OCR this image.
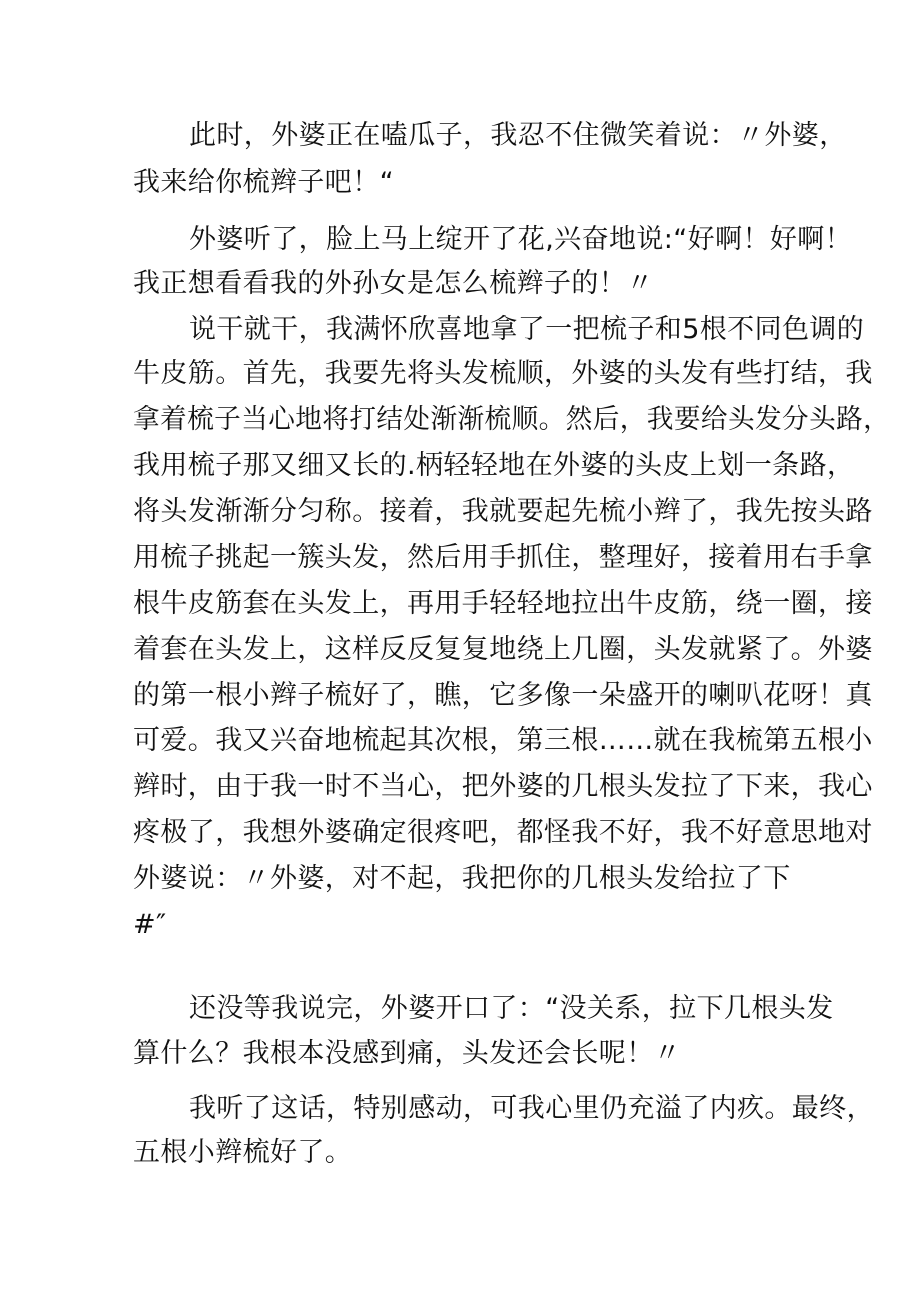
此时，外婆正在嗑瓜子，我忍不住微笑着说：〃外婆，

我来给你梳辫子吧！“

外婆听了，脸上马上绽开了花,兴奋地说:“好啊！好啊！

我正想看看我的外孙女是怎么梳辫子的！〃

说干就干，我满怀欣喜地拿了一把梳子和5根不同色调的

牛皮筋。首先，我要先将头发梳顺，外婆的头发有些打结，我

拿着梳子当心地将打结处渐渐梳顺。然后，我要给头发分头路，

我用梳子那又细又长的.柄轻轻地在外婆的头皮上划一条路，

将头发渐渐分匀称。接着，我就要起先梳小辫了，我先按头路

用梳子挑起一簇头发，然后用手抓住，整理好，接着用右手拿

根牛皮筋套在头发上，再用手轻轻地拉出牛皮筋，绕一圈，接

着套在头发上，这样反反复复地绕上几圈，头发就紧了。外婆

的第一根小辫子梳好了，瞧，它多像一朵盛开的喇叭花呀！真

可爱。我又兴奋地梳起其次根，第三根……就在我梳第五根小

辫时，由于我一时不当心，把外婆的几根头发拉了下来，我心

疼极了，我想外婆确定很疼吧，都怪我不好，我不好意思地对

外婆说：〃外婆，对不起，我把你的几根头发给拉了下

#″

还没等我说完，外婆开口了：“没关系，拉下几根头发

算什么？我根本没感到痛，头发还会长呢！〃

我听了这话，特别感动，可我心里仍充溢了内疚。最终，

五根小辫梳好了。
